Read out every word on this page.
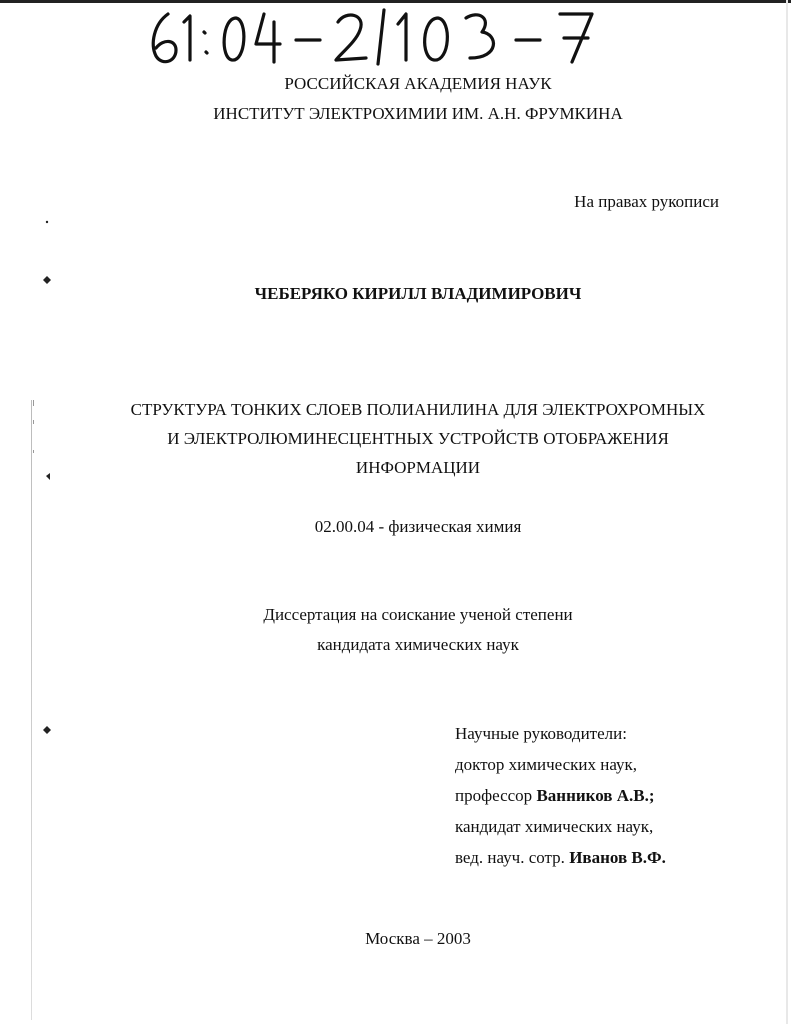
РОССИЙСКАЯ АКАДЕМИЯ НАУК
ИНСТИТУТ ЭЛЕКТРОХИМИИ ИМ. А.Н. ФРУМКИНА
На правах рукописи
ЧЕБЕРЯКО КИРИЛЛ ВЛАДИМИРОВИЧ
СТРУКТУРА ТОНКИХ СЛОЕВ ПОЛИАНИЛИНА ДЛЯ ЭЛЕКТРОХРОМНЫХ
И ЭЛЕКТРОЛЮМИНЕСЦЕНТНЫХ УСТРОЙСТВ ОТОБРАЖЕНИЯ
ИНФОРМАЦИИ
02.00.04 - физическая химия
Диссертация на соискание ученой степени
кандидата химических наук
Научные руководители:
доктор химических наук,
профессор Ванников А.В.;
кандидат химических наук,
вед. науч. сотр. Иванов В.Ф.
Москва – 2003
